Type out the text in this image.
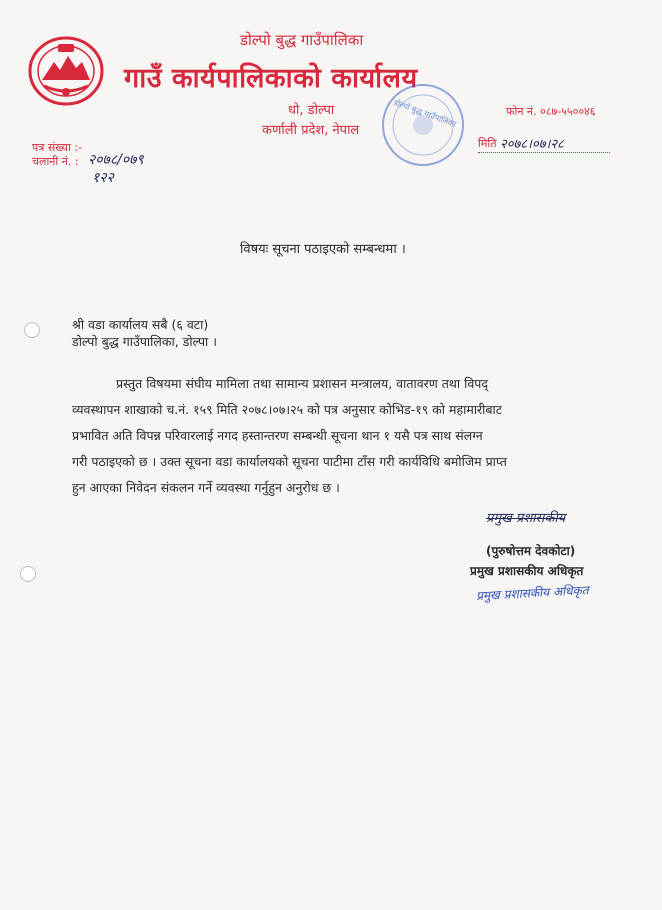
डोल्पो बुद्ध गाउँपालिका
गाउँ कार्यपालिकाको कार्यालय
धो, डोल्पा
कर्णाली प्रदेश, नेपाल
फोन नं. ०८७-५५००४६
डोल्पो बुद्ध गाउँपालिका
पत्र संख्या :-
चलानी नं. : २०७८/०७९
१२२
मिति २०७८।०७।२८
विषयः सूचना पठाइएको सम्बन्धमा ।
श्री वडा कार्यालय सबै (६ वटा)
डोल्पो बुद्ध गाउँपालिका, डोल्पा ।
प्रस्तुत विषयमा संघीय मामिला तथा सामान्य प्रशासन मन्त्रालय, वातावरण तथा विपद्
व्यवस्थापन शाखाको च.नं. १५९ मिति २०७८।०७।२५ को पत्र अनुसार कोभिड-१९ को महामारीबाट
प्रभावित अति विपन्न परिवारलाई नगद हस्तान्तरण सम्बन्धी सूचना थान १ यसै पत्र साथ संलग्न
गरी पठाइएको छ । उक्त सूचना वडा कार्यालयको सूचना पाटीमा टाँस गरी कार्यविधि बमोजिम प्राप्त
हुन आएका निवेदन संकलन गर्ने व्यवस्था गर्नुहुन अनुरोध छ ।
प्रमुख प्रशासकीय
(पुरुषोत्तम देवकोटा)
प्रमुख प्रशासकीय अधिकृत
प्रमुख प्रशासकीय अधिकृत
